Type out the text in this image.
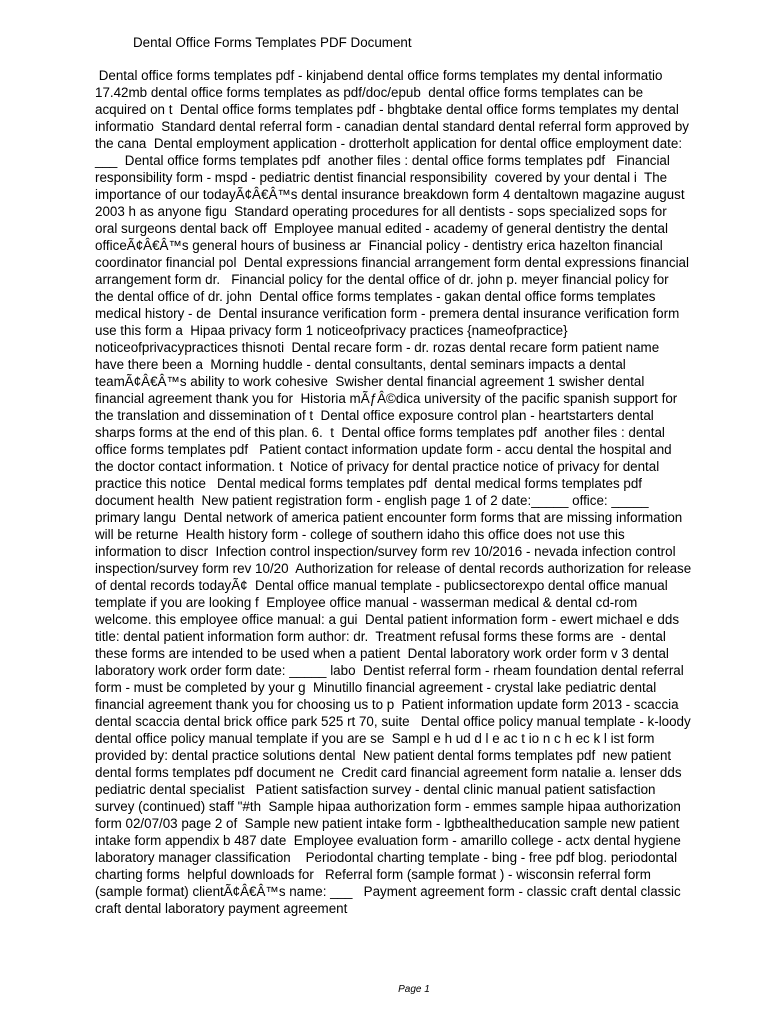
Dental Office Forms Templates PDF Document
Dental office forms templates pdf - kinjabend dental office forms templates my dental informatio
17.42mb dental office forms templates as pdf/doc/epub  dental office forms templates can be
acquired on t  Dental office forms templates pdf - bhgbtake dental office forms templates my dental
informatio  Standard dental referral form - canadian dental standard dental referral form approved by
the cana  Dental employment application - drotterholt application for dental office employment date:
___  Dental office forms templates pdf  another files : dental office forms templates pdf   Financial
responsibility form - mspd - pediatric dentist financial responsibility  covered by your dental i  The
importance of our todayÃ¢Â€Â™s dental insurance breakdown form 4 dentaltown magazine august
2003 h as anyone figu  Standard operating procedures for all dentists - sops specialized sops for
oral surgeons dental back off  Employee manual edited - academy of general dentistry the dental
officeÃ¢Â€Â™s general hours of business ar  Financial policy - dentistry erica hazelton financial
coordinator financial pol  Dental expressions financial arrangement form dental expressions financial
arrangement form dr.   Financial policy for the dental office of dr. john p. meyer financial policy for
the dental office of dr. john  Dental office forms templates - gakan dental office forms templates
medical history - de  Dental insurance verification form - premera dental insurance verification form
use this form a  Hipaa privacy form 1 noticeofprivacy practices {nameofpractice}
noticeofprivacypractices thisnoti  Dental recare form - dr. rozas dental recare form patient name
have there been a  Morning huddle - dental consultants, dental seminars impacts a dental
teamÃ¢Â€Â™s ability to work cohesive  Swisher dental financial agreement 1 swisher dental
financial agreement thank you for  Historia mÃƒÂ©dica university of the pacific spanish support for
the translation and dissemination of t  Dental office exposure control plan - heartstarters dental
sharps forms at the end of this plan. 6.  t  Dental office forms templates pdf  another files : dental
office forms templates pdf   Patient contact information update form - accu dental the hospital and
the doctor contact information. t  Notice of privacy for dental practice notice of privacy for dental
practice this notice   Dental medical forms templates pdf  dental medical forms templates pdf
document health  New patient registration form - english page 1 of 2 date:_____ office: _____
primary langu  Dental network of america patient encounter form forms that are missing information
will be returne  Health history form - college of southern idaho this office does not use this
information to discr  Infection control inspection/survey form rev 10/2016 - nevada infection control
inspection/survey form rev 10/20  Authorization for release of dental records authorization for release
of dental records todayÃ¢  Dental office manual template - publicsectorexpo dental office manual
template if you are looking f  Employee office manual - wasserman medical & dental cd-rom
welcome. this employee office manual: a gui  Dental patient information form - ewert michael e dds
title: dental patient information form author: dr.  Treatment refusal forms these forms are  - dental
these forms are intended to be used when a patient  Dental laboratory work order form v 3 dental
laboratory work order form date: _____ labo  Dentist referral form - rheam foundation dental referral
form - must be completed by your g  Minutillo financial agreement - crystal lake pediatric dental
financial agreement thank you for choosing us to p  Patient information update form 2013 - scaccia
dental scaccia dental brick office park 525 rt 70, suite   Dental office policy manual template - k-loody
dental office policy manual template if you are se  Sampl e h ud d l e ac t io n c h ec k l ist form
provided by: dental practice solutions dental  New patient dental forms templates pdf  new patient
dental forms templates pdf document ne  Credit card financial agreement form natalie a. lenser dds
pediatric dental specialist   Patient satisfaction survey - dental clinic manual patient satisfaction
survey (continued) staff "#th  Sample hipaa authorization form - emmes sample hipaa authorization
form 02/07/03 page 2 of  Sample new patient intake form - lgbthealtheducation sample new patient
intake form appendix b 487 date  Employee evaluation form - amarillo college - actx dental hygiene
laboratory manager classification    Periodontal charting template - bing - free pdf blog. periodontal
charting forms  helpful downloads for   Referral form (sample format ) - wisconsin referral form
(sample format) clientÃ¢Â€Â™s name: ___   Payment agreement form - classic craft dental classic
craft dental laboratory payment agreement
Page 1
